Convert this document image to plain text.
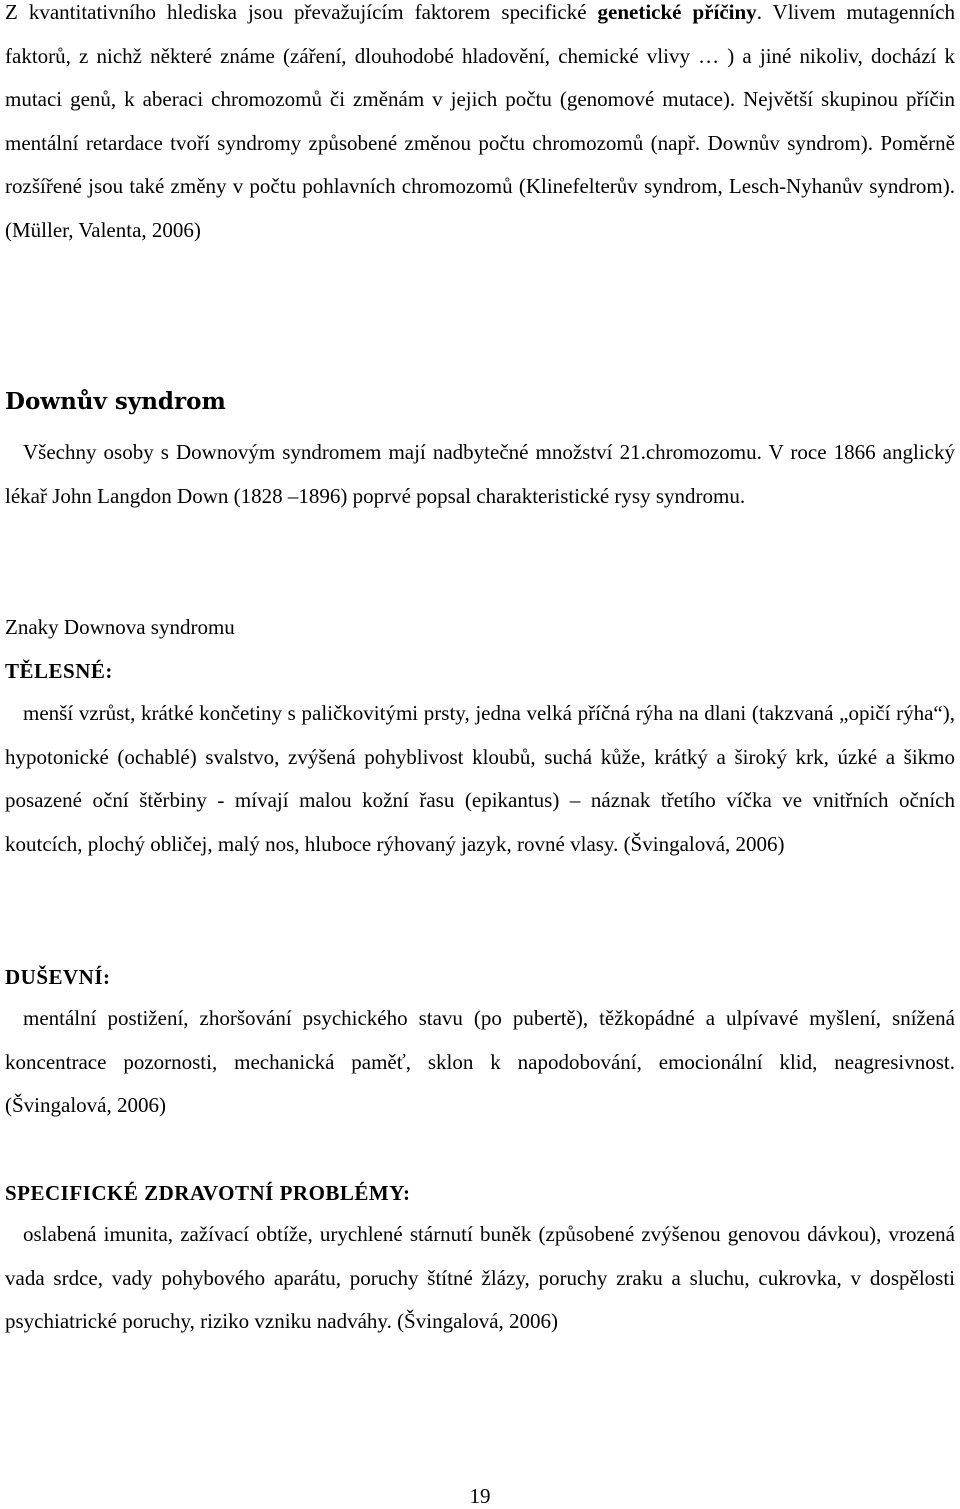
Z kvantitativního hlediska jsou převažujícím faktorem specifické genetické příčiny. Vlivem mutagenních faktorů, z nichž některé známe (záření, dlouhodobé hladovění, chemické vlivy … ) a jiné nikoliv, dochází k mutaci genů, k aberaci chromozomů či změnám v jejich počtu (genomové mutace). Největší skupinou příčin mentální retardace tvoří syndromy způsobené změnou počtu chromozomů (např. Downův syndrom). Poměrně rozšířené jsou také změny v počtu pohlavních chromozomů (Klinefelterův syndrom, Lesch-Nyhanův syndrom). (Müller, Valenta, 2006)

Downův syndrom

Všechny osoby s Downovým syndromem mají nadbytečné množství 21.chromozomu. V roce 1866 anglický lékař John Langdon Down (1828 –1896) poprvé popsal charakteristické rysy syndromu.

Znaky Downova syndromu

TĚLESNÉ:

menší vzrůst, krátké končetiny s paličkovitými prsty, jedna velká příčná rýha na dlani (takzvaná „opičí rýha“), hypotonické (ochablé) svalstvo, zvýšená pohyblivost kloubů, suchá kůže, krátký a široký krk, úzké a šikmo posazené oční štěrbiny - mívají malou kožní řasu (epikantus) – náznak třetího víčka ve vnitřních očních koutcích, plochý obličej, malý nos, hluboce rýhovaný jazyk, rovné vlasy. (Švingalová, 2006)

DUŠEVNÍ:

mentální postižení, zhoršování psychického stavu (po pubertě), těžkopádné a ulpívavé myšlení, snížená koncentrace pozornosti, mechanická paměť, sklon k napodobování, emocionální klid, neagresivnost. (Švingalová, 2006)

SPECIFICKÉ ZDRAVOTNÍ PROBLÉMY:

oslabená imunita, zažívací obtíže, urychlené stárnutí buněk (způsobené zvýšenou genovou dávkou), vrozená vada srdce, vady pohybového aparátu, poruchy štítné žlázy, poruchy zraku a sluchu, cukrovka, v dospělosti psychiatrické poruchy, riziko vzniku nadváhy. (Švingalová, 2006)

19
